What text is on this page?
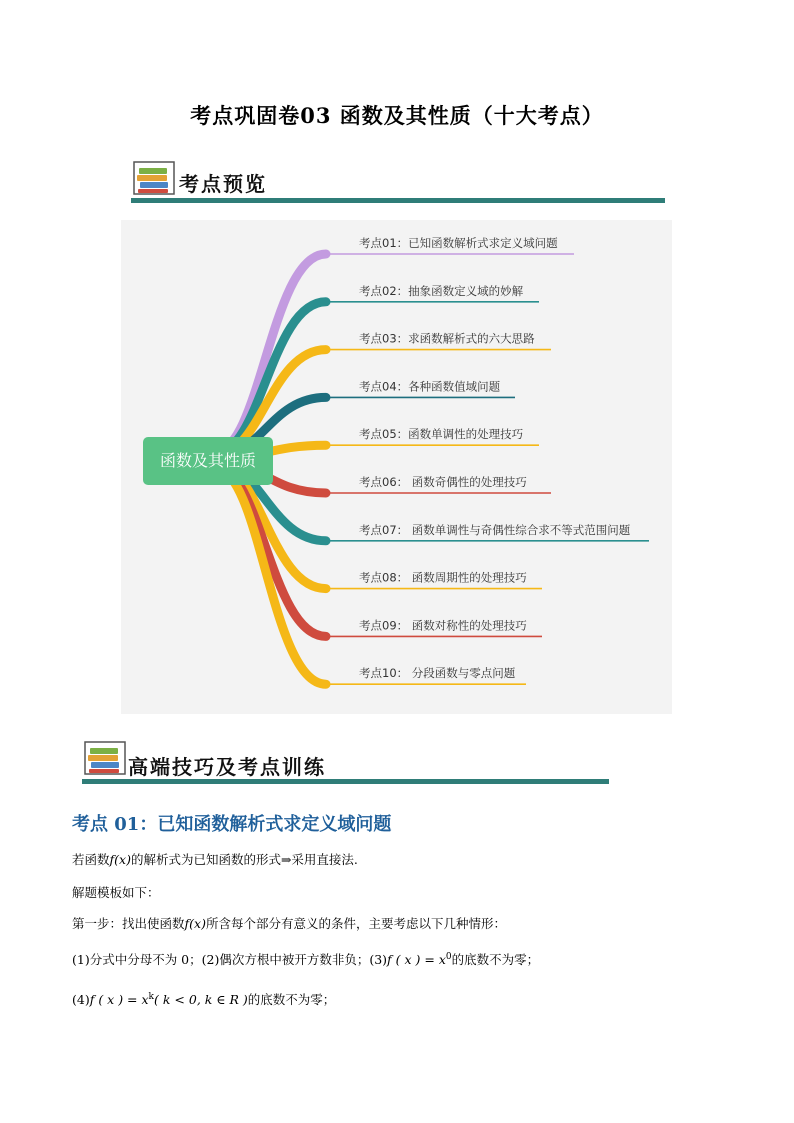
考点巩固卷03 函数及其性质（十大考点）
考点预览
考点01：已知函数解析式求定义域问题
考点02：抽象函数定义域的妙解
考点03：求函数解析式的六大思路
考点04：各种函数值域问题
考点05：函数单调性的处理技巧
考点06： 函数奇偶性的处理技巧
考点07： 函数单调性与奇偶性综合求不等式范围问题
考点08： 函数周期性的处理技巧
考点09： 函数对称性的处理技巧
考点10： 分段函数与零点问题
函数及其性质
高端技巧及考点训练
考点 01：已知函数解析式求定义域问题
若函数f(x)的解析式为已知函数的形式⇒采用直接法.
解题模板如下：
第一步：找出使函数f(x)所含每个部分有意义的条件，主要考虑以下几种情形：
(1)分式中分母不为 0；(2)偶次方根中被开方数非负；(3)f ( x ) = $x^0$的底数不为零；
(4)f ( x ) = $x^k$( k < 0, k ∈ R )的底数不为零；
